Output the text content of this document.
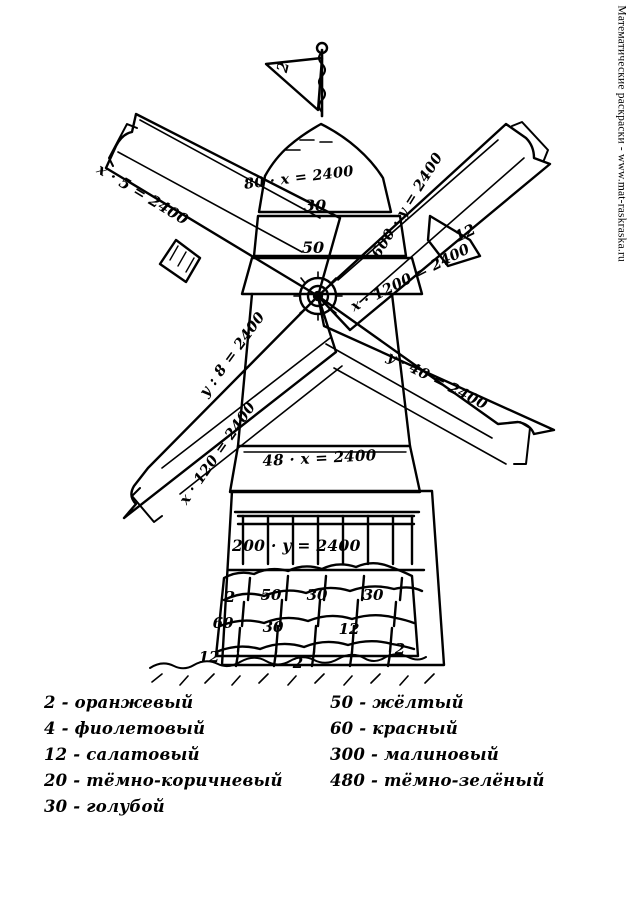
x · 5 = 2400	80 · x = 2400 600 · y = 2400
x · 1200 = 2400
y : 8 = 2400	y · 40 = 2400
x · 120 = 2400 48 · x = 2400
200 · y = 2400
2
30
50
12
2	50	30	30
60	30	12
2
12	2
Математические раскраски - www.mat-raskraska.ru
2 - оранжевый
4 - фиолетовый
12 - салатовый
20 - тёмно-коричневый
30 - голубой
50 - жёлтый
60 - красный
300 - малиновый
480 - тёмно-зелёный
